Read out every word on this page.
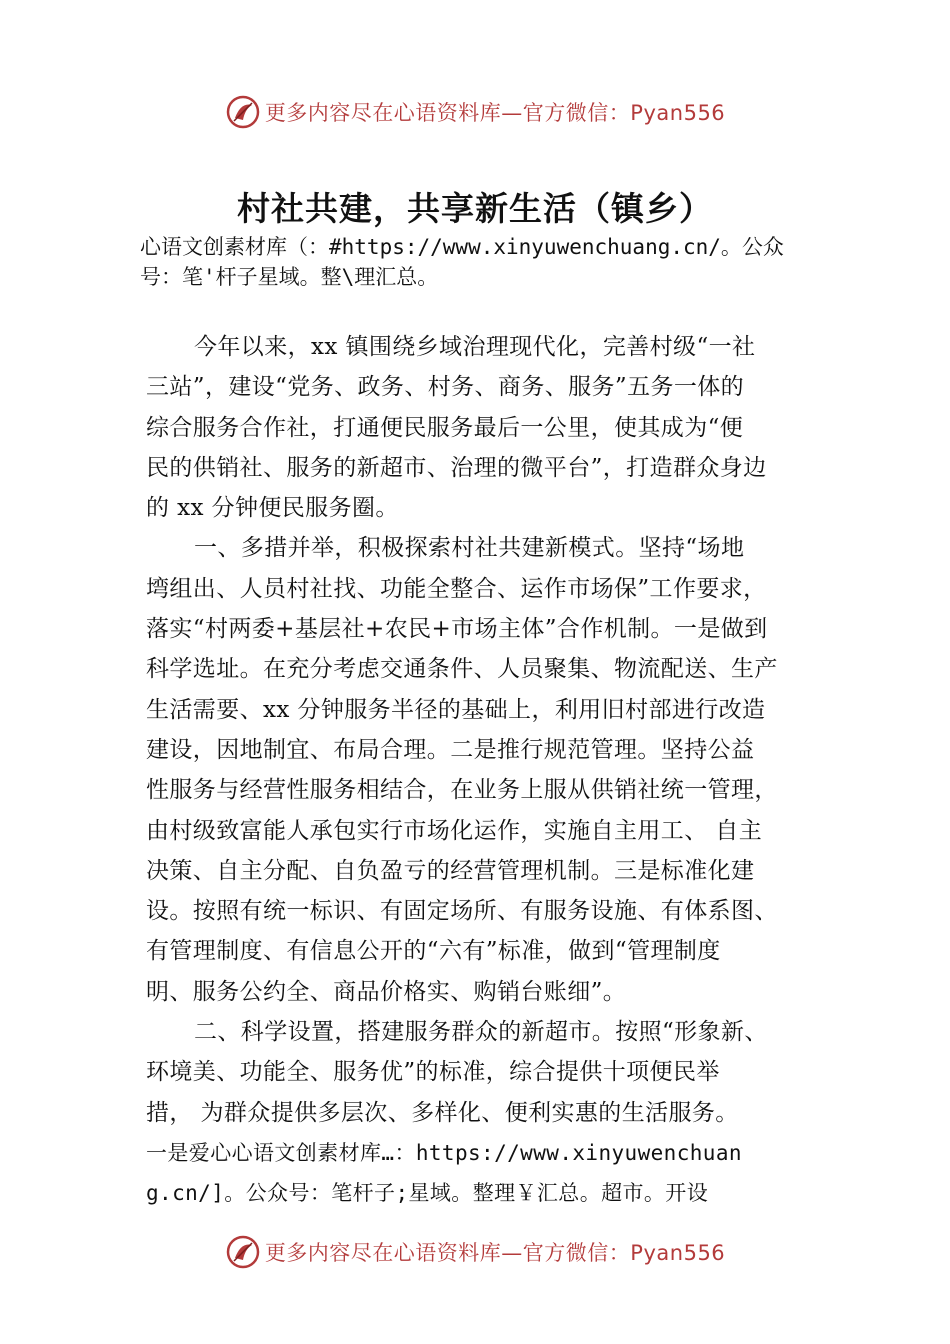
更多内容尽在心语资料库—官方微信：Pyan556
村社共建，共享新生活（镇乡）
心语文创素材库（：#https://www.xinyuwenchuang.cn/。公众
号：笔'杆子星域。整\理汇总。
今年以来，xx 镇围绕乡域治理现代化，完善村级“一社
三站”，建设“党务、政务、村务、商务、服务”五务一体的
综合服务合作社，打通便民服务最后一公里，使其成为“便
民的供销社、服务的新超市、治理的微平台”，打造群众身边
的 xx 分钟便民服务圈。
一、多措并举，积极探索村社共建新模式。坚持“场地
塆组出、人员村社找、功能全整合、运作市场保”工作要求，
落实“村两委+基层社+农民+市场主体”合作机制。一是做到
科学选址。在充分考虑交通条件、人员聚集、物流配送、生产
生活需要、xx 分钟服务半径的基础上，利用旧村部进行改造
建设，因地制宜、布局合理。二是推行规范管理。坚持公益
性服务与经营性服务相结合，在业务上服从供销社统一管理，
由村级致富能人承包实行市场化运作，实施自主用工、 自主
决策、自主分配、自负盈亏的经营管理机制。三是标准化建
设。按照有统一标识、有固定场所、有服务设施、有体系图、
有管理制度、有信息公开的“六有”标准，做到“管理制度
明、服务公约全、商品价格实、购销台账细”。
二、科学设置，搭建服务群众的新超市。按照“形象新、
环境美、功能全、服务优”的标准，综合提供十项便民举
措， 为群众提供多层次、多样化、便利实惠的生活服务。
一是爱心心语文创素材库…：https://www.xinyuwenchuan
g.cn/]。公众号：笔杆子;星域。整理￥汇总。超市。开设
更多内容尽在心语资料库—官方微信：Pyan556
